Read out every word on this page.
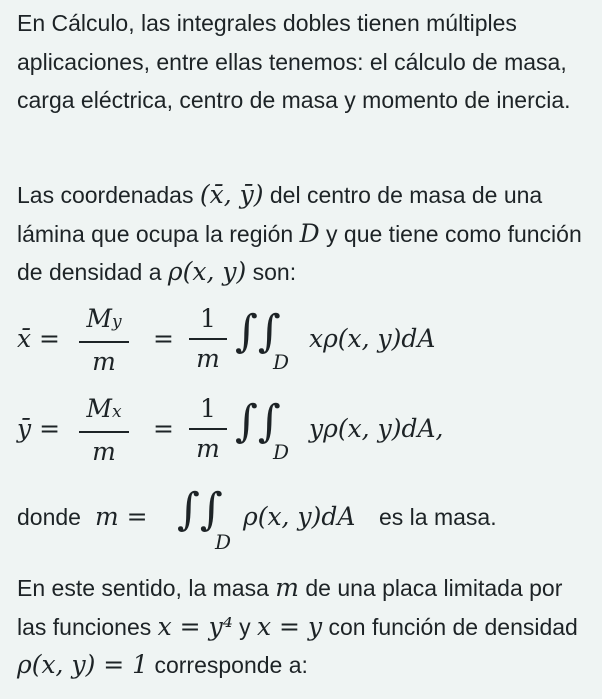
En Cálculo, las integrales dobles tienen múltiples aplicaciones, entre ellas tenemos: el cálculo de masa, carga eléctrica, centro de masa y momento de inercia.

Las coordenadas (x̄, ȳ) del centro de masa de una lámina que ocupa la región D y que tiene como función de densidad a ρ(x, y) son:

x̄ =
My
m
=
1
m
∫∫
D
xρ(x, y)dA
ȳ =
Mx
m
=
1
m
∫∫
D
yρ(x, y)dA,
donde m = ∫∫
D
ρ(x, y)dA es la masa.

En este sentido, la masa m de una placa limitada por las funciones x = y⁴ y x = y con función de densidad ρ(x, y) = 1 corresponde a:
